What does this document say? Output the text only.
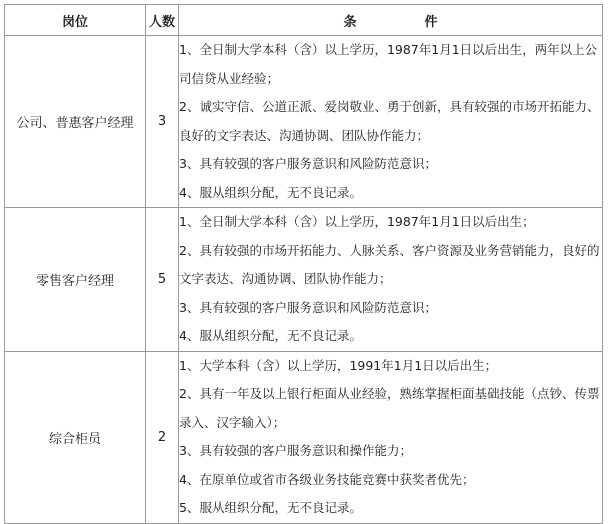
岗位	人数	条 件
公司、普惠客户经理	3	1、全日制大学本科（含）以上学历，1987年1月1日以后出生，两年以上公司信贷从业经验；
2、诚实守信、公道正派、爱岗敬业、勇于创新，具有较强的市场开拓能力、良好的文字表达、沟通协调、团队协作能力；
3、具有较强的客户服务意识和风险防范意识；
4、服从组织分配，无不良记录。

零售客户经理	5	1、全日制大学本科（含）以上学历，1987年1月1日以后出生；
2、具有较强的市场开拓能力、人脉关系、客户资源及业务营销能力，良好的文字表达、沟通协调、团队协作能力；
3、具有较强的客户服务意识和风险防范意识；
4、服从组织分配，无不良记录。

综合柜员	2	1、大学本科（含）以上学历，1991年1月1日以后出生；
2、具有一年及以上银行柜面从业经验，熟练掌握柜面基础技能（点钞、传票录入、汉字输入）；
3、具有较强的客户服务意识和操作能力；
4、在原单位或省市各级业务技能竞赛中获奖者优先；
5、服从组织分配，无不良记录。
